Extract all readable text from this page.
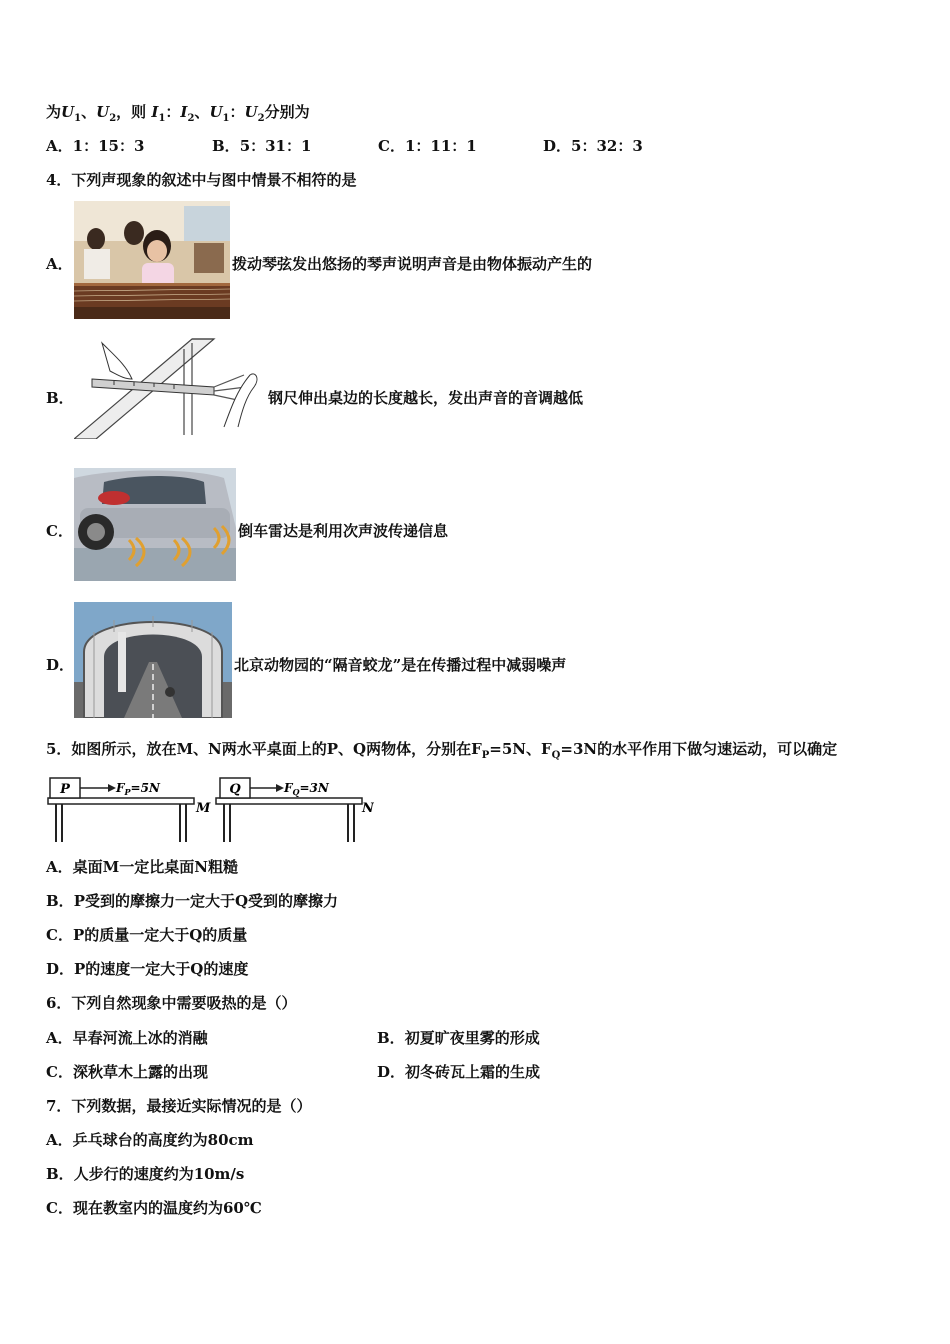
为$U_1$、$U_2$，则 $I_1$：$I_2$、$U_1$：$U_2$分别为
A．1：15：3	B．5：31：1	C．1：11：1	D．5：32：3
4．下列声现象的叙述中与图中情景不相符的是
A．	拨动琴弦发出悠扬的琴声说明声音是由物体振动产生的
B．	钢尺伸出桌边的长度越长，发出声音的音调越低
C．	倒车雷达是利用次声波传递信息
D．	北京动物园的“隔音蛟龙”是在传播过程中减弱噪声
5．如图所示，放在M、N两水平桌面上的P、Q两物体，分别在$F_P=5N$、$F_Q=3N$的水平作用下做匀速运动，可以确定
P	$F_P=5N$
M
Q	$F_Q=3N$
N
A．桌面M一定比桌面N粗糙
B．P受到的摩擦力一定大于Q受到的摩擦力
C．P的质量一定大于Q的质量
D．P的速度一定大于Q的速度
6．下列自然现象中需要吸热的是（）
A．早春河流上冰的消融	B．初夏旷夜里雾的形成
C．深秋草木上露的出现	D．初冬砖瓦上霜的生成
7．下列数据，最接近实际情况的是（）
A．乒乓球台的高度约为80cm
B．人步行的速度约为10m/s
C．现在教室内的温度约为60℃
